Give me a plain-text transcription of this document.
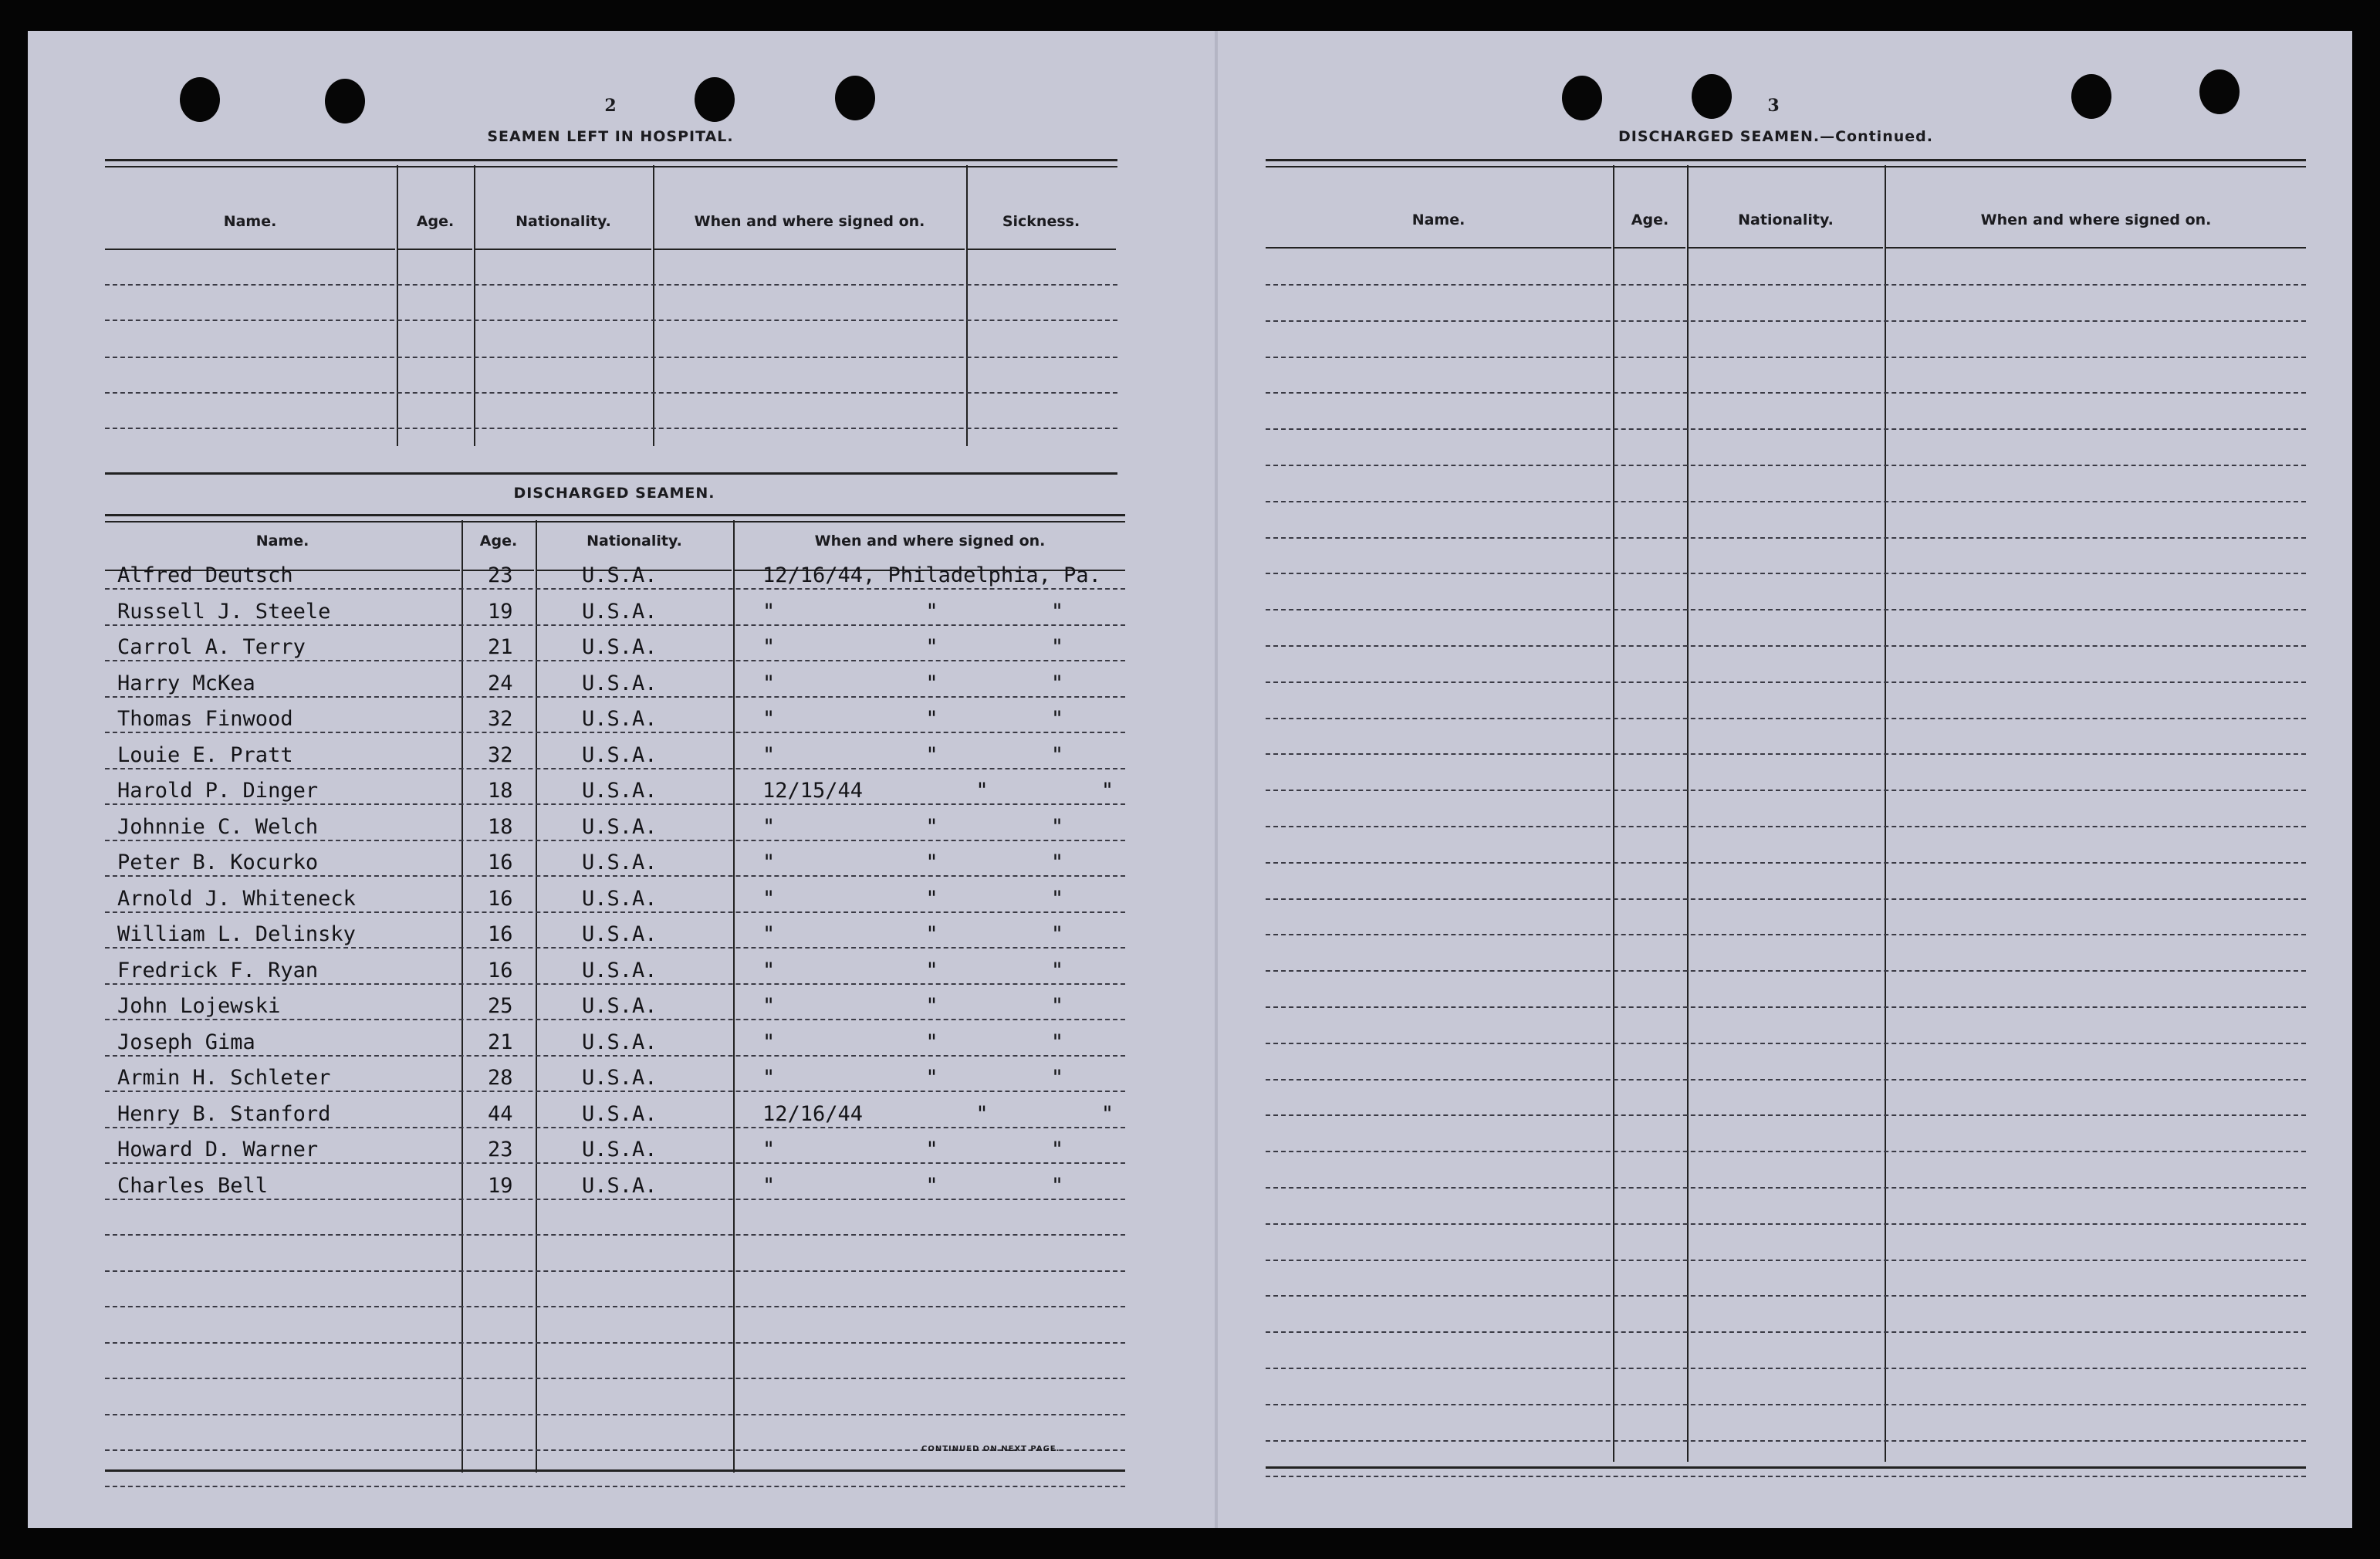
2
SEAMEN LEFT IN HOSPITAL.
Name.	Age.	Nationality.	When and where signed on.	Sickness.
DISCHARGED SEAMEN.
Name.	Age.	Nationality.	When and where signed on.
Alfred Deutsch	23	U.S.A.	12/16/44, Philadelphia, Pa.
Russell J. Steele	19	U.S.A.	"            "         "
Carrol A. Terry	21	U.S.A.	"            "         "
Harry McKea	24	U.S.A.	"            "         "
Thomas Finwood	32	U.S.A.	"            "         "
Louie E. Pratt	32	U.S.A.	"            "         "
Harold P. Dinger	18	U.S.A.	12/15/44         "         "
Johnnie C. Welch	18	U.S.A.	"            "         "
Peter B. Kocurko	16	U.S.A.	"            "         "
Arnold J. Whiteneck	16	U.S.A.	"            "         "
William L. Delinsky	16	U.S.A.	"            "         "
Fredrick F. Ryan	16	U.S.A.	"            "         "
John Lojewski	25	U.S.A.	"            "         "
Joseph Gima	21	U.S.A.	"            "         "
Armin H. Schleter	28	U.S.A.	"            "         "
Henry B. Stanford	44	U.S.A.	12/16/44         "         "
Howard D. Warner	23	U.S.A.	"            "         "
Charles Bell	19	U.S.A.	"            "         "
CONTINUED ON NEXT PAGE.
3
DISCHARGED SEAMEN.—Continued.
Name.	Age.	Nationality.	When and where signed on.
